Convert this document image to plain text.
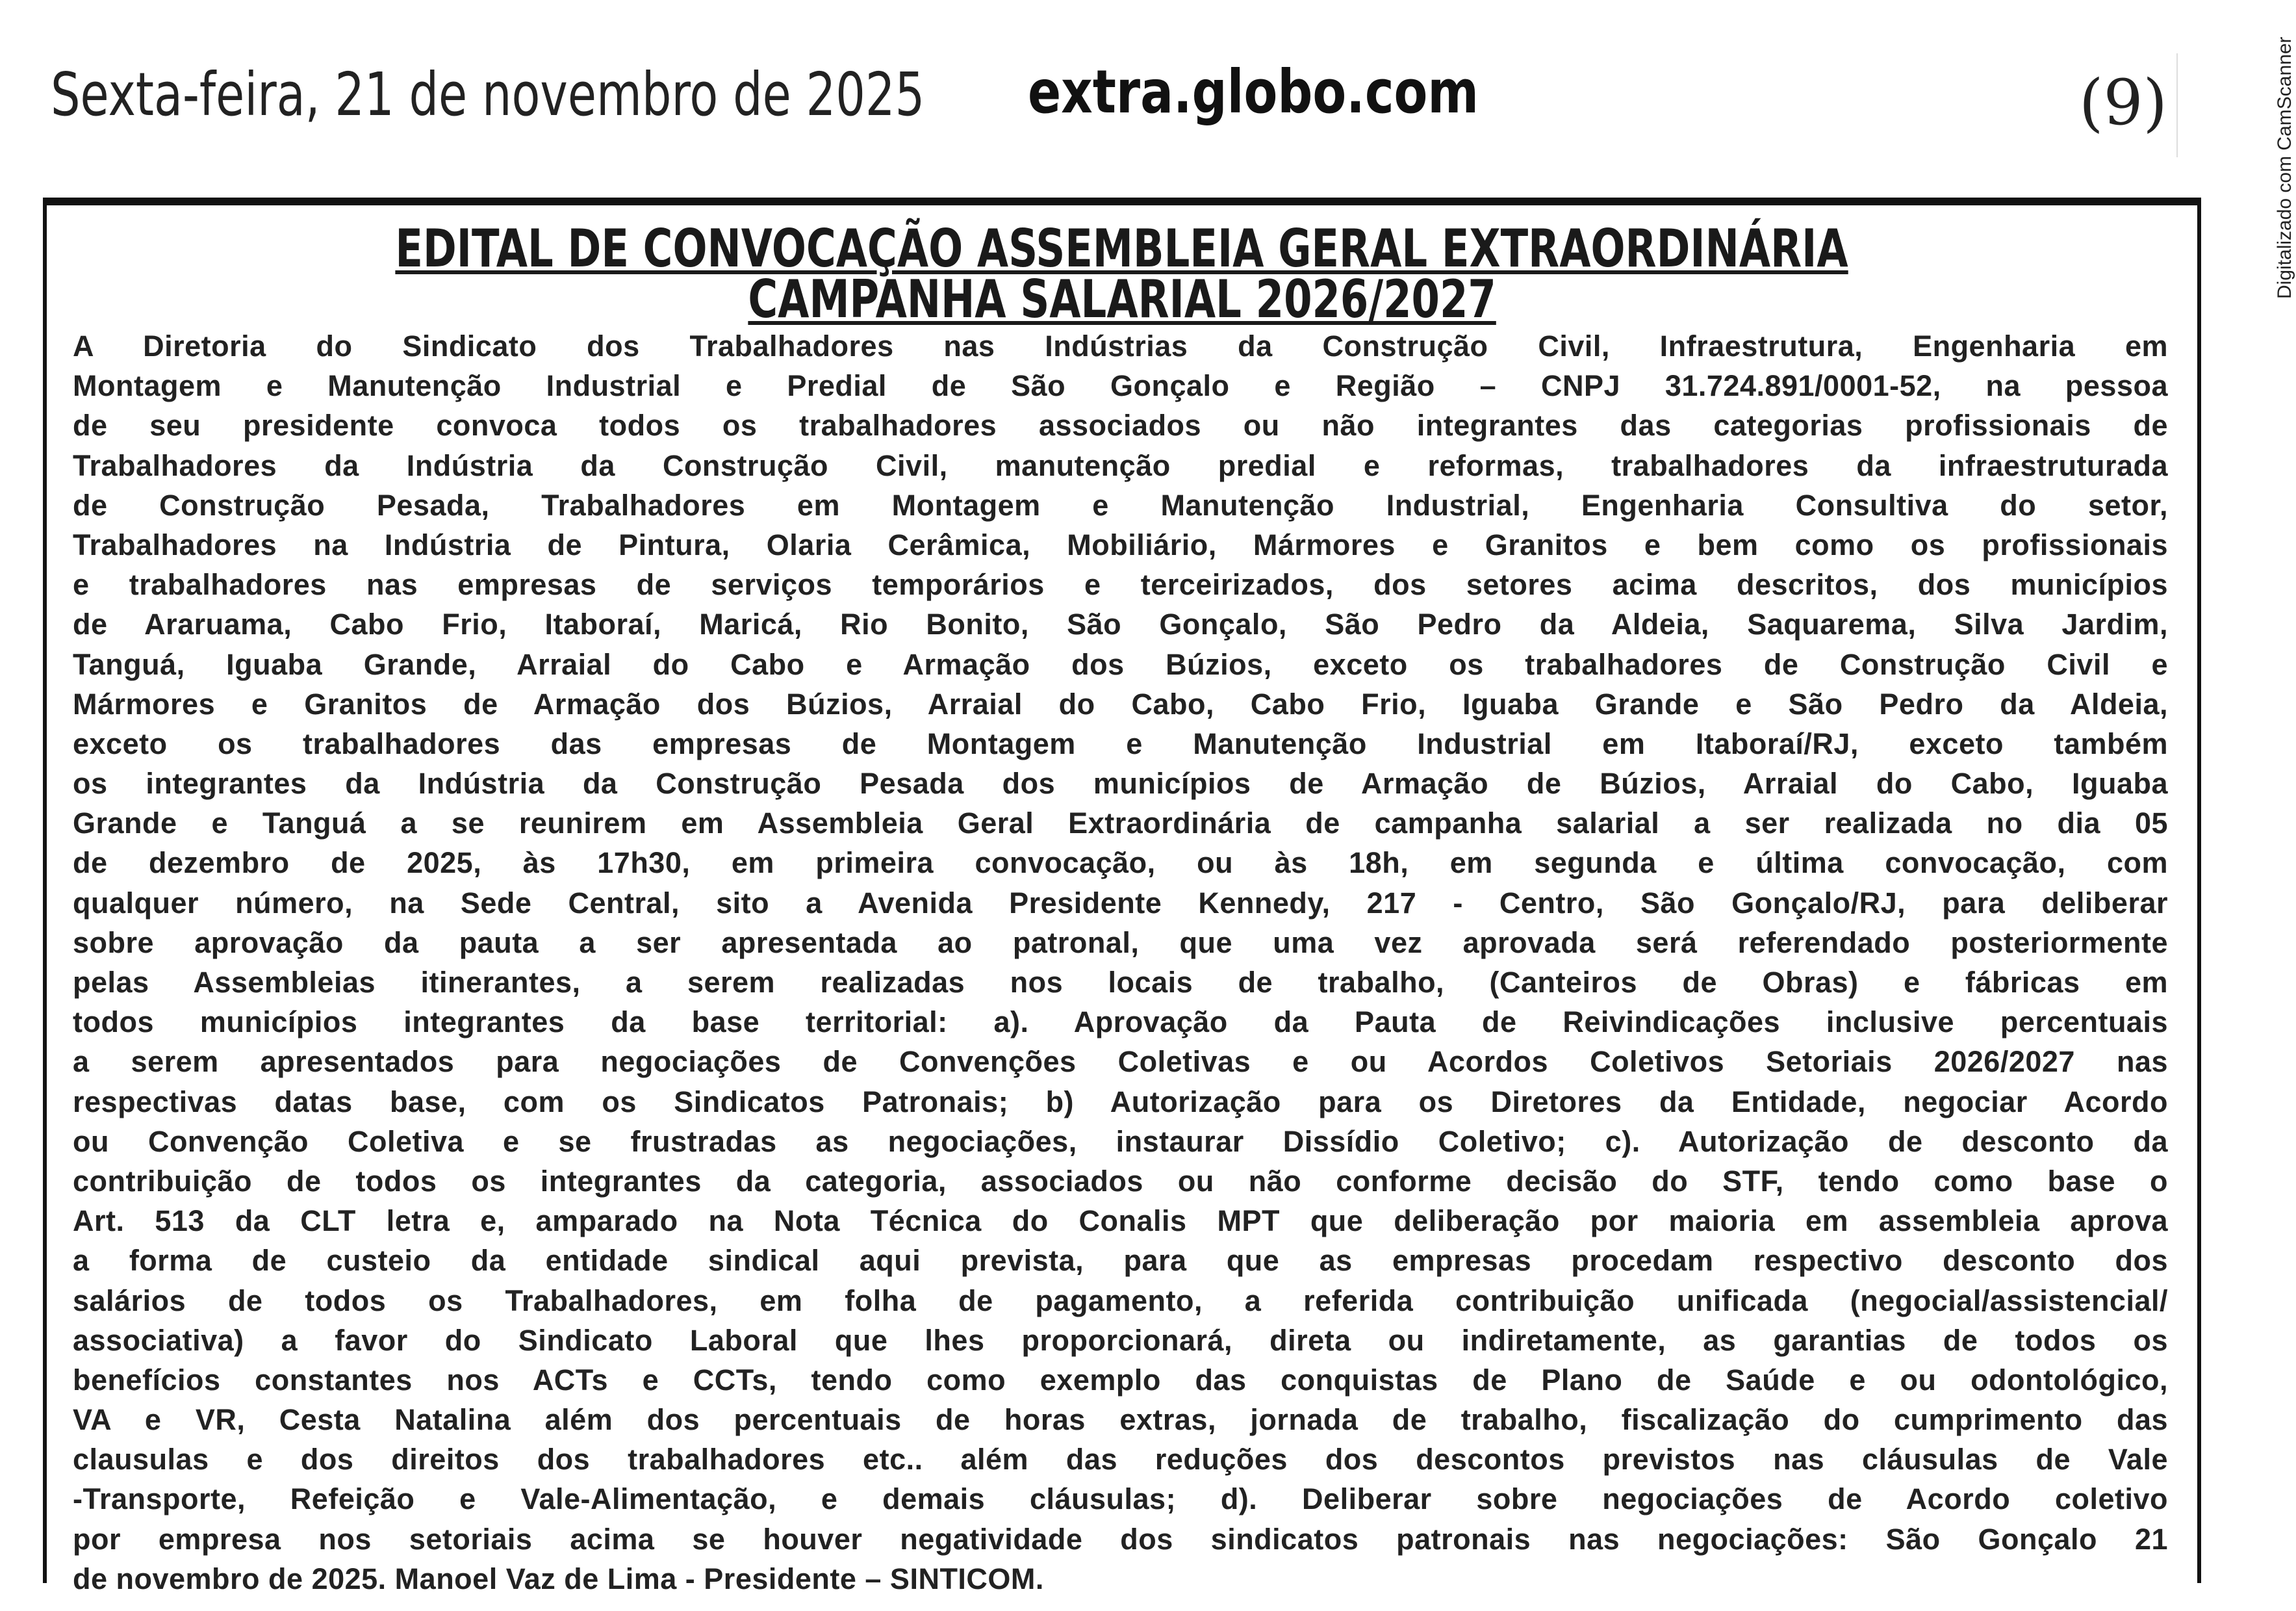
Sexta-feira, 21 de novembro de 2025 extra.globo.com	(9)	Digitalizado com CamScanner
EDITAL DE CONVOCAÇÃO ASSEMBLEIA GERAL EXTRAORDINÁRIA
CAMPANHA SALARIAL 2026/2027
A Diretoria do Sindicato dos Trabalhadores nas Indústrias da Construção Civil, Infraestrutura, Engenharia em
Montagem e Manutenção Industrial e Predial de São Gonçalo e Região – CNPJ 31.724.891/0001-52, na pessoa
de seu presidente convoca todos os trabalhadores associados ou não integrantes das categorias profissionais de
Trabalhadores da Indústria da Construção Civil, manutenção predial e reformas, trabalhadores da infraestruturada
de Construção Pesada, Trabalhadores em Montagem e Manutenção Industrial, Engenharia Consultiva do setor,
Trabalhadores na Indústria de Pintura, Olaria Cerâmica, Mobiliário, Mármores e Granitos e bem como os profissionais
e trabalhadores nas empresas de serviços temporários e terceirizados, dos setores acima descritos, dos municípios
de Araruama, Cabo Frio, Itaboraí, Maricá, Rio Bonito, São Gonçalo, São Pedro da Aldeia, Saquarema, Silva Jardim,
Tanguá, Iguaba Grande, Arraial do Cabo e Armação dos Búzios, exceto os trabalhadores de Construção Civil e
Mármores e Granitos de Armação dos Búzios, Arraial do Cabo, Cabo Frio, Iguaba Grande e São Pedro da Aldeia,
exceto os trabalhadores das empresas de Montagem e Manutenção Industrial em Itaboraí/RJ, exceto também
os integrantes da Indústria da Construção Pesada dos municípios de Armação de Búzios, Arraial do Cabo, Iguaba
Grande e Tanguá a se reunirem em Assembleia Geral Extraordinária de campanha salarial a ser realizada no dia 05
de dezembro de 2025, às 17h30, em primeira convocação, ou às 18h, em segunda e última convocação, com
qualquer número, na Sede Central, sito a Avenida Presidente Kennedy, 217 - Centro, São Gonçalo/RJ, para deliberar
sobre aprovação da pauta a ser apresentada ao patronal, que uma vez aprovada será referendado posteriormente
pelas Assembleias itinerantes, a serem realizadas nos locais de trabalho, (Canteiros de Obras) e fábricas em
todos municípios integrantes da base territorial: a). Aprovação da Pauta de Reivindicações inclusive percentuais
a serem apresentados para negociações de Convenções Coletivas e ou Acordos Coletivos Setoriais 2026/2027 nas
respectivas datas base, com os Sindicatos Patronais; b) Autorização para os Diretores da Entidade, negociar Acordo
ou Convenção Coletiva e se frustradas as negociações, instaurar Dissídio Coletivo; c). Autorização de desconto da
contribuição de todos os integrantes da categoria, associados ou não conforme decisão do STF, tendo como base o
Art. 513 da CLT letra e, amparado na Nota Técnica do Conalis MPT que deliberação por maioria em assembleia aprova
a forma de custeio da entidade sindical aqui prevista, para que as empresas procedam respectivo desconto dos
salários de todos os Trabalhadores, em folha de pagamento, a referida contribuição unificada (negocial/assistencial/
associativa) a favor do Sindicato Laboral que lhes proporcionará, direta ou indiretamente, as garantias de todos os
benefícios constantes nos ACTs e CCTs, tendo como exemplo das conquistas de Plano de Saúde e ou odontológico,
VA e VR, Cesta Natalina além dos percentuais de horas extras, jornada de trabalho, fiscalização do cumprimento das
clausulas e dos direitos dos trabalhadores etc.. além das reduções dos descontos previstos nas cláusulas de Vale
-Transporte, Refeição e Vale-Alimentação, e demais cláusulas; d). Deliberar sobre negociações de Acordo coletivo
por empresa nos setoriais acima se houver negatividade dos sindicatos patronais nas negociações: São Gonçalo 21
de novembro de 2025. Manoel Vaz de Lima - Presidente – SINTICOM.
